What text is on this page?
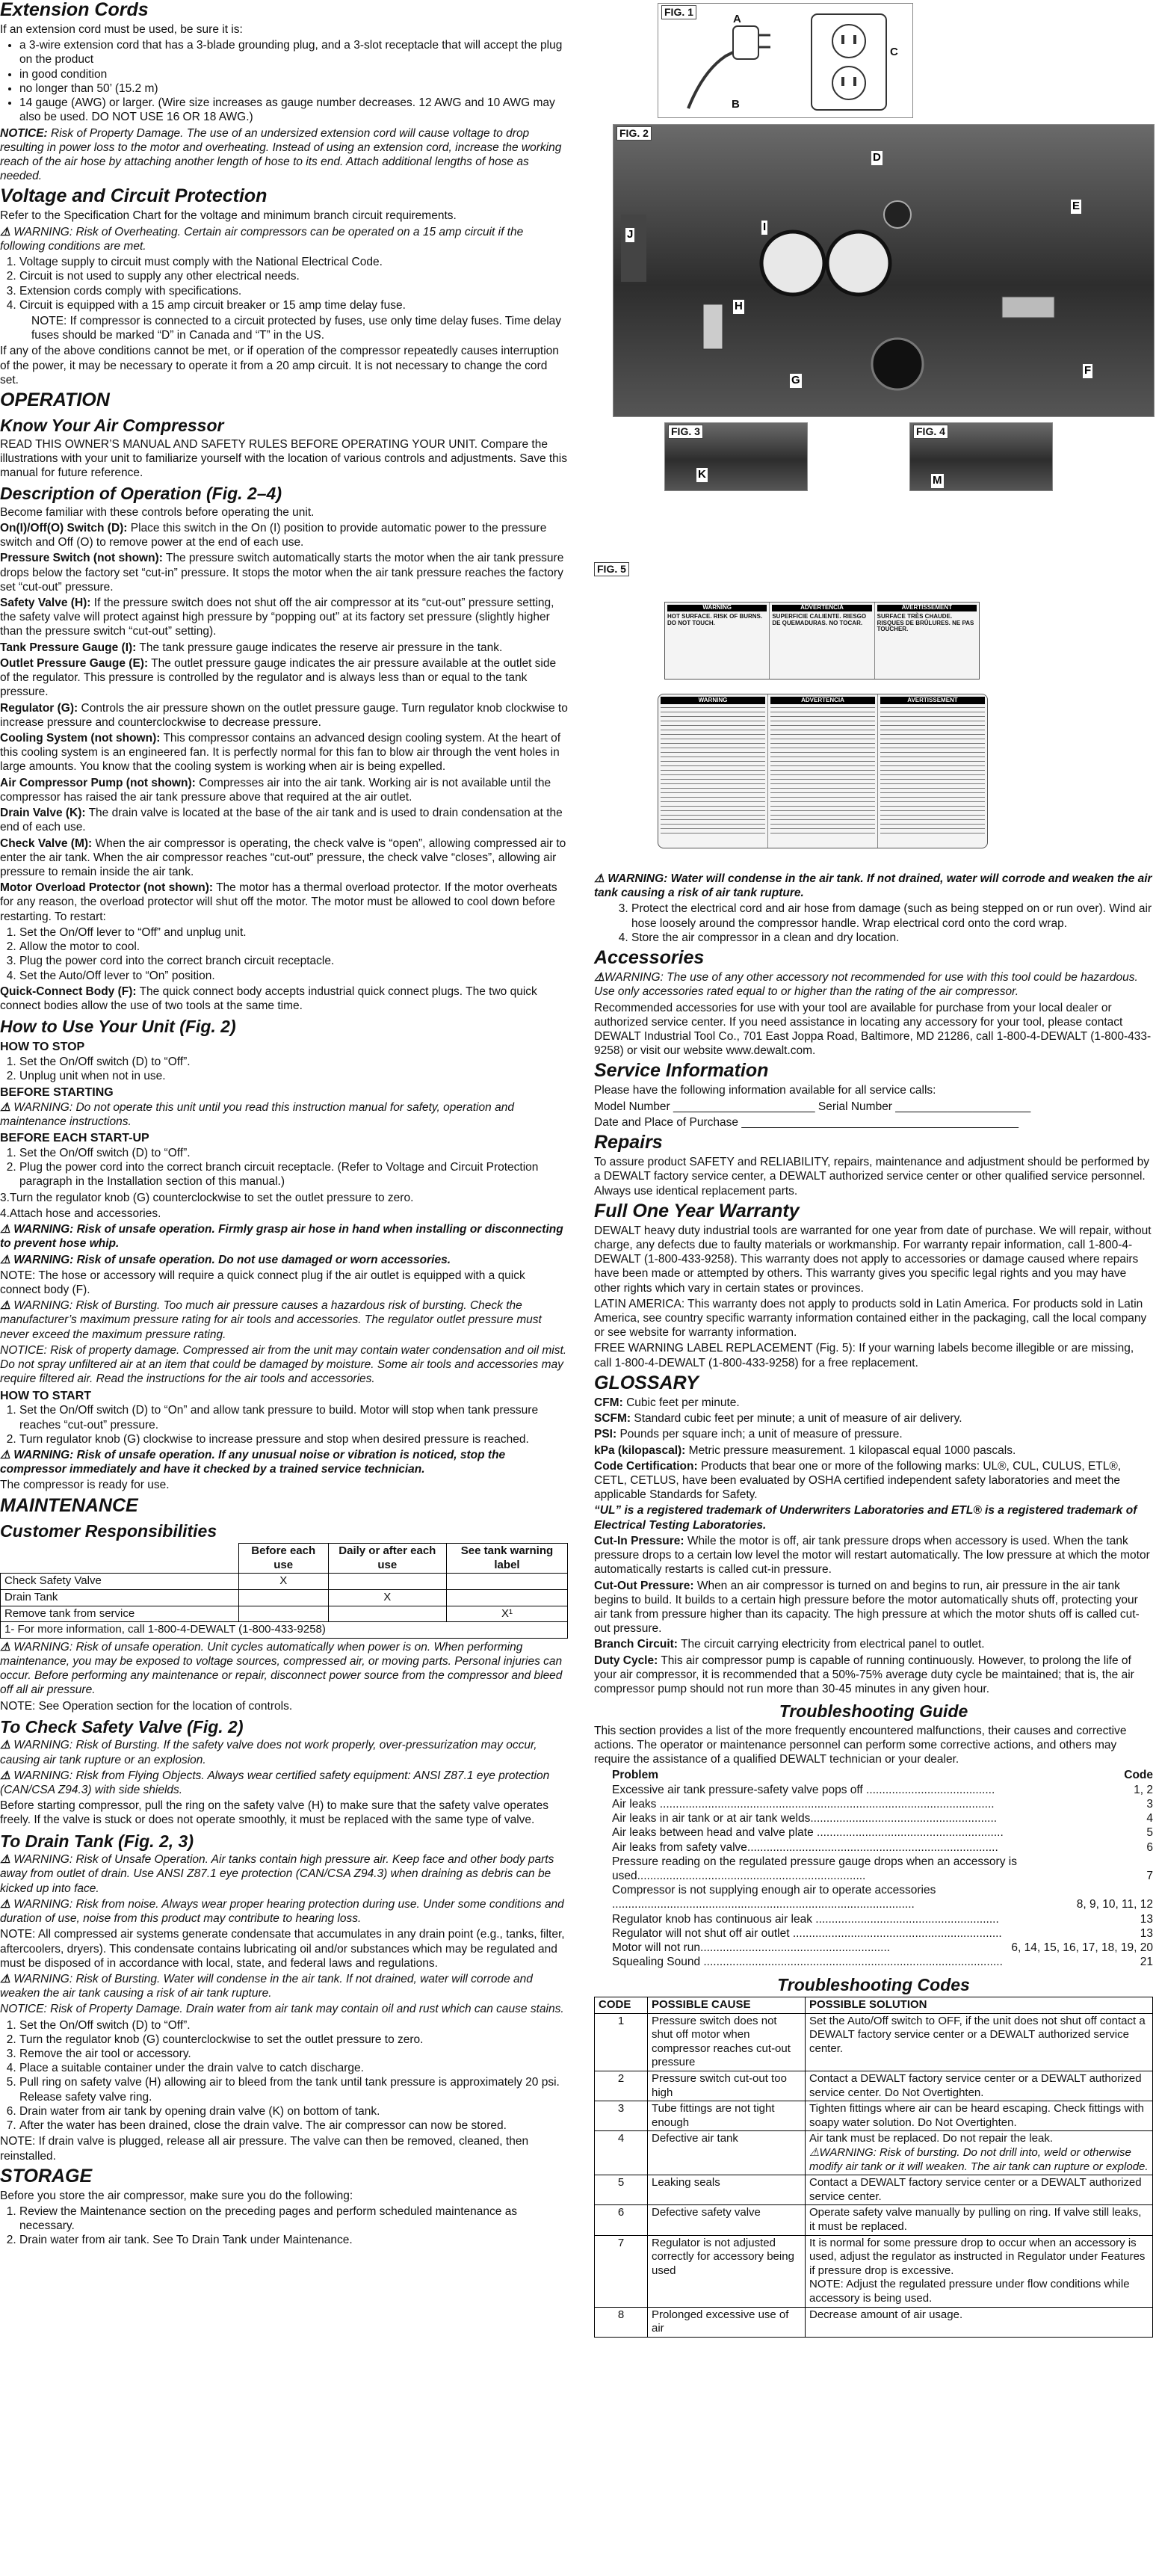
Extension Cords

If an extension cord must be used, be sure it is:

• a 3-wire extension cord that has a 3-blade grounding plug, and a 3-slot receptacle that will accept the plug on the product
• in good condition
• no longer than 50’ (15.2 m)
• 14 gauge (AWG) or larger. (Wire size increases as gauge number decreases. 12 AWG and 10 AWG may also be used. DO NOT USE 16 OR 18 AWG.)

NOTICE: Risk of Property Damage. The use of an undersized extension cord will cause voltage to drop resulting in power loss to the motor and overheating. Instead of using an extension cord, increase the working reach of the air hose by attaching another length of hose to its end. Attach additional lengths of hose as needed.

Voltage and Circuit Protection

Refer to the Specification Chart for the voltage and minimum branch circuit requirements.

⚠ WARNING: Risk of Overheating. Certain air compressors can be operated on a 15 amp circuit if the following conditions are met.

1. Voltage supply to circuit must comply with the National Electrical Code.
2. Circuit is not used to supply any other electrical needs.
3. Extension cords comply with specifications.
4. Circuit is equipped with a 15 amp circuit breaker or 15 amp time delay fuse.

NOTE: If compressor is connected to a circuit protected by fuses, use only time delay fuses. Time delay fuses should be marked “D” in Canada and “T” in the US.

If any of the above conditions cannot be met, or if operation of the compressor repeatedly causes interruption of the power, it may be necessary to operate it from a 20 amp circuit. It is not necessary to change the cord set.

OPERATION
Know Your Air Compressor

READ THIS OWNER’S MANUAL AND SAFETY RULES BEFORE OPERATING YOUR UNIT. Compare the illustrations with your unit to familiarize yourself with the location of various controls and adjustments. Save this manual for future reference.

Description of Operation (Fig. 2–4)

Become familiar with these controls before operating the unit.

On(I)/Off(O) Switch (D): Place this switch in the On (I) position to provide automatic power to the pressure switch and Off (O) to remove power at the end of each use.

Pressure Switch (not shown): The pressure switch automatically starts the motor when the air tank pressure drops below the factory set “cut-in” pressure. It stops the motor when the air tank pressure reaches the factory set “cut-out” pressure.

Safety Valve (H): If the pressure switch does not shut off the air compressor at its “cut-out” pressure setting, the safety valve will protect against high pressure by “popping out” at its factory set pressure (slightly higher than the pressure switch “cut-out” setting).

Tank Pressure Gauge (I): The tank pressure gauge indicates the reserve air pressure in the tank.

Outlet Pressure Gauge (E): The outlet pressure gauge indicates the air pressure available at the outlet side of the regulator. This pressure is controlled by the regulator and is always less than or equal to the tank pressure.

Regulator (G): Controls the air pressure shown on the outlet pressure gauge. Turn regulator knob clockwise to increase pressure and counterclockwise to decrease pressure.

Cooling System (not shown): This compressor contains an advanced design cooling system. At the heart of this cooling system is an engineered fan. It is perfectly normal for this fan to blow air through the vent holes in large amounts. You know that the cooling system is working when air is being expelled.

Air Compressor Pump (not shown): Compresses air into the air tank. Working air is not available until the compressor has raised the air tank pressure above that required at the air outlet.

Drain Valve (K): The drain valve is located at the base of the air tank and is used to drain condensation at the end of each use.

Check Valve (M): When the air compressor is operating, the check valve is “open”, allowing compressed air to enter the air tank. When the air compressor reaches “cut-out” pressure, the check valve “closes”, allowing air pressure to remain inside the air tank.

Motor Overload Protector (not shown): The motor has a thermal overload protector. If the motor overheats for any reason, the overload protector will shut off the motor. The motor must be allowed to cool down before restarting. To restart:

1. Set the On/Off lever to “Off” and unplug unit.
2. Allow the motor to cool.
3. Plug the power cord into the correct branch circuit receptacle.
4. Set the Auto/Off lever to “On” position.

Quick-Connect Body (F): The quick connect body accepts industrial quick connect plugs. The two quick connect bodies allow the use of two tools at the same time.

How to Use Your Unit (Fig. 2)
HOW TO STOP
1. Set the On/Off switch (D) to “Off”.
2. Unplug unit when not in use.
BEFORE STARTING

⚠ WARNING: Do not operate this unit until you read this instruction manual for safety, operation and maintenance instructions.

BEFORE EACH START-UP
1. Set the On/Off switch (D) to “Off”.
2. Plug the power cord into the correct branch circuit receptacle. (Refer to Voltage and Circuit Protection paragraph in the Installation section of this manual.)

3.Turn the regulator knob (G) counterclockwise to set the outlet pressure to zero.

4.Attach hose and accessories.

⚠ WARNING: Risk of unsafe operation. Firmly grasp air hose in hand when installing or disconnecting to prevent hose whip.

⚠ WARNING: Risk of unsafe operation. Do not use damaged or worn accessories.

NOTE: The hose or accessory will require a quick connect plug if the air outlet is equipped with a quick connect body (F).

⚠ WARNING: Risk of Bursting. Too much air pressure causes a hazardous risk of bursting. Check the manufacturer’s maximum pressure rating for air tools and accessories. The regulator outlet pressure must never exceed the maximum pressure rating.

NOTICE: Risk of property damage. Compressed air from the unit may contain water condensation and oil mist. Do not spray unfiltered air at an item that could be damaged by moisture. Some air tools and accessories may require filtered air. Read the instructions for the air tools and accessories.

HOW TO START
1. Set the On/Off switch (D) to “On” and allow tank pressure to build. Motor will stop when tank pressure reaches “cut-out” pressure.
2. Turn regulator knob (G) clockwise to increase pressure and stop when desired pressure is reached.

⚠ WARNING: Risk of unsafe operation. If any unusual noise or vibration is noticed, stop the compressor immediately and have it checked by a trained service technician.

The compressor is ready for use.

MAINTENANCE
Customer Responsibilities
	Before each use	Daily or after each use	See tank warning label
Check Safety Valve	X		
Drain Tank		X	
Remove tank from service			X¹
1- For more information, call 1-800-4-DEWALT (1-800-433-9258)			

⚠ WARNING: Risk of unsafe operation. Unit cycles automatically when power is on. When performing maintenance, you may be exposed to voltage sources, compressed air, or moving parts. Personal injuries can occur. Before performing any maintenance or repair, disconnect power source from the compressor and bleed off all air pressure.

NOTE: See Operation section for the location of controls.

To Check Safety Valve (Fig. 2)

⚠ WARNING: Risk of Bursting. If the safety valve does not work properly, over-pressurization may occur, causing air tank rupture or an explosion.

⚠ WARNING: Risk from Flying Objects. Always wear certified safety equipment: ANSI Z87.1 eye protection (CAN/CSA Z94.3) with side shields.

Before starting compressor, pull the ring on the safety valve (H) to make sure that the safety valve operates freely. If the valve is stuck or does not operate smoothly, it must be replaced with the same type of valve.

To Drain Tank (Fig. 2, 3)

⚠ WARNING: Risk of Unsafe Operation. Air tanks contain high pressure air. Keep face and other body parts away from outlet of drain. Use ANSI Z87.1 eye protection (CAN/CSA Z94.3) when draining as debris can be kicked up into face.

⚠ WARNING: Risk from noise. Always wear proper hearing protection during use. Under some conditions and duration of use, noise from this product may contribute to hearing loss.

NOTE: All compressed air systems generate condensate that accumulates in any drain point (e.g., tanks, filter, aftercoolers, dryers). This condensate contains lubricating oil and/or substances which may be regulated and must be disposed of in accordance with local, state, and federal laws and regulations.

⚠ WARNING: Risk of Bursting. Water will condense in the air tank. If not drained, water will corrode and weaken the air tank causing a risk of air tank rupture.

NOTICE: Risk of Property Damage. Drain water from air tank may contain oil and rust which can cause stains.

1. Set the On/Off switch (D) to “Off”.
2. Turn the regulator knob (G) counterclockwise to set the outlet pressure to zero.
3. Remove the air tool or accessory.
4. Place a suitable container under the drain valve to catch discharge.
5. Pull ring on safety valve (H) allowing air to bleed from the tank until tank pressure is approximately 20 psi. Release safety valve ring.
6. Drain water from air tank by opening drain valve (K) on bottom of tank.
7. After the water has been drained, close the drain valve. The air compressor can now be stored.

NOTE: If drain valve is plugged, release all air pressure. The valve can then be removed, cleaned, then reinstalled.

STORAGE

Before you store the air compressor, make sure you do the following:

1. Review the Maintenance section on the preceding pages and perform scheduled maintenance as necessary.
2. Drain water from air tank. See To Drain Tank under Maintenance.
FIG. 1
A
B
C
FIG. 2
D
E
F
G
H
I
J
FIG. 3
K
FIG. 4
M
FIG. 5
WARNING
HOT SURFACE. RISK OF BURNS. DO NOT TOUCH.
ADVERTENCIA
SUPERFICIE CALIENTE. RIESGO DE QUEMADURAS. NO TOCAR.
AVERTISSEMENT
SURFACE TRÈS CHAUDE. RISQUES DE BRÛLURES. NE PAS TOUCHER.
WARNING	ADVERTENCIA	AVERTISSEMENT

⚠ WARNING: Water will condense in the air tank. If not drained, water will corrode and weaken the air tank causing a risk of air tank rupture.

3. Protect the electrical cord and air hose from damage (such as being stepped on or run over). Wind air hose loosely around the compressor handle. Wrap electrical cord onto the cord wrap.
4. Store the air compressor in a clean and dry location.
Accessories

⚠WARNING: The use of any other accessory not recommended for use with this tool could be hazardous. Use only accessories rated equal to or higher than the rating of the air compressor.

Recommended accessories for use with your tool are available for purchase from your local dealer or authorized service center. If you need assistance in locating any accessory for your tool, please contact DEWALT Industrial Tool Co., 701 East Joppa Road, Baltimore, MD 21286, call 1-800-4-DEWALT (1-800-433-9258) or visit our website www.dewalt.com.

Service Information

Please have the following information available for all service calls:

Model Number ______________________ Serial Number _____________________

Date and Place of Purchase ___________________________________________

Repairs

To assure product SAFETY and RELIABILITY, repairs, maintenance and adjustment should be performed by a DEWALT factory service center, a DEWALT authorized service center or other qualified service personnel. Always use identical replacement parts.

Full One Year Warranty

DEWALT heavy duty industrial tools are warranted for one year from date of purchase. We will repair, without charge, any defects due to faulty materials or workmanship. For warranty repair information, call 1-800-4-DEWALT (1-800-433-9258). This warranty does not apply to accessories or damage caused where repairs have been made or attempted by others. This warranty gives you specific legal rights and you may have other rights which vary in certain states or provinces.

LATIN AMERICA: This warranty does not apply to products sold in Latin America. For products sold in Latin America, see country specific warranty information contained either in the packaging, call the local company or see website for warranty information.

FREE WARNING LABEL REPLACEMENT (Fig. 5): If your warning labels become illegible or are missing, call 1-800-4-DEWALT (1-800-433-9258) for a free replacement.

GLOSSARY

CFM: Cubic feet per minute.

SCFM: Standard cubic feet per minute; a unit of measure of air delivery.

PSI: Pounds per square inch; a unit of measure of pressure.

kPa (kilopascal): Metric pressure measurement. 1 kilopascal equal 1000 pascals.

Code Certification: Products that bear one or more of the following marks: UL®, CUL, CULUS, ETL®, CETL, CETLUS, have been evaluated by OSHA certified independent safety laboratories and meet the applicable Standards for Safety.

“UL” is a registered trademark of Underwriters Laboratories and ETL® is a registered trademark of Electrical Testing Laboratories.

Cut-In Pressure: While the motor is off, air tank pressure drops when accessory is used. When the tank pressure drops to a certain low level the motor will restart automatically. The low pressure at which the motor automatically restarts is called cut-in pressure.

Cut-Out Pressure: When an air compressor is turned on and begins to run, air pressure in the air tank begins to build. It builds to a certain high pressure before the motor automatically shuts off, protecting your air tank from pressure higher than its capacity. The high pressure at which the motor shuts off is called cut-out pressure.

Branch Circuit: The circuit carrying electricity from electrical panel to outlet.

Duty Cycle: This air compressor pump is capable of running continuously. However, to prolong the life of your air compressor, it is recommended that a 50%-75% average duty cycle be maintained; that is, the air compressor pump should not run more than 30-45 minutes in any given hour.

Troubleshooting Guide

This section provides a list of the more frequently encountered malfunctions, their causes and corrective actions. The operator or maintenance personnel can perform some corrective actions, and others may require the assistance of a qualified DEWALT technician or your dealer.

Problem	Code
Excessive air tank pressure-safety valve pops off ........................................	1, 2
Air leaks ........................................................................................................	3
Air leaks in air tank or at air tank welds..........................................................	4
Air leaks between head and valve plate ..........................................................	5
Air leaks from safety valve..............................................................................	6
Pressure reading on the regulated pressure gauge drops when an accessory is used.......................................................................	7
Compressor is not supplying enough air to operate accessories ..............................................................................................	8, 9, 10, 11, 12
Regulator knob has continuous air leak .........................................................	13
Regulator will not shut off air outlet .................................................................	13
Motor will not run...........................................................	6, 14, 15, 16, 17, 18, 19, 20
Squealing Sound .............................................................................................	21
Troubleshooting Codes
CODE	POSSIBLE CAUSE	POSSIBLE SOLUTION
1	Pressure switch does not shut off motor when compressor reaches cut-out pressure	Set the Auto/Off switch to OFF, if the unit does not shut off contact a DEWALT factory service center or a DEWALT authorized service center.
2	Pressure switch cut-out too high	Contact a DEWALT factory service center or a DEWALT authorized service center. Do Not Overtighten.
3	Tube fittings are not tight enough	Tighten fittings where air can be heard escaping. Check fittings with soapy water solution. Do Not Overtighten.
4	Defective air tank	Air tank must be replaced. Do not repair the leak.
⚠WARNING: Risk of bursting. Do not drill into, weld or otherwise modify air tank or it will weaken. The air tank can rupture or explode.

5	Leaking seals	Contact a DEWALT factory service center or a DEWALT authorized service center.
6	Defective safety valve	Operate safety valve manually by pulling on ring. If valve still leaks, it must be replaced.
7	Regulator is not adjusted correctly for accessory being used	It is normal for some pressure drop to occur when an accessory is used, adjust the regulator as instructed in Regulator under Features if pressure drop is excessive.
NOTE: Adjust the regulated pressure under flow conditions while accessory is being used.

8	Prolonged excessive use of air	Decrease amount of air usage.
